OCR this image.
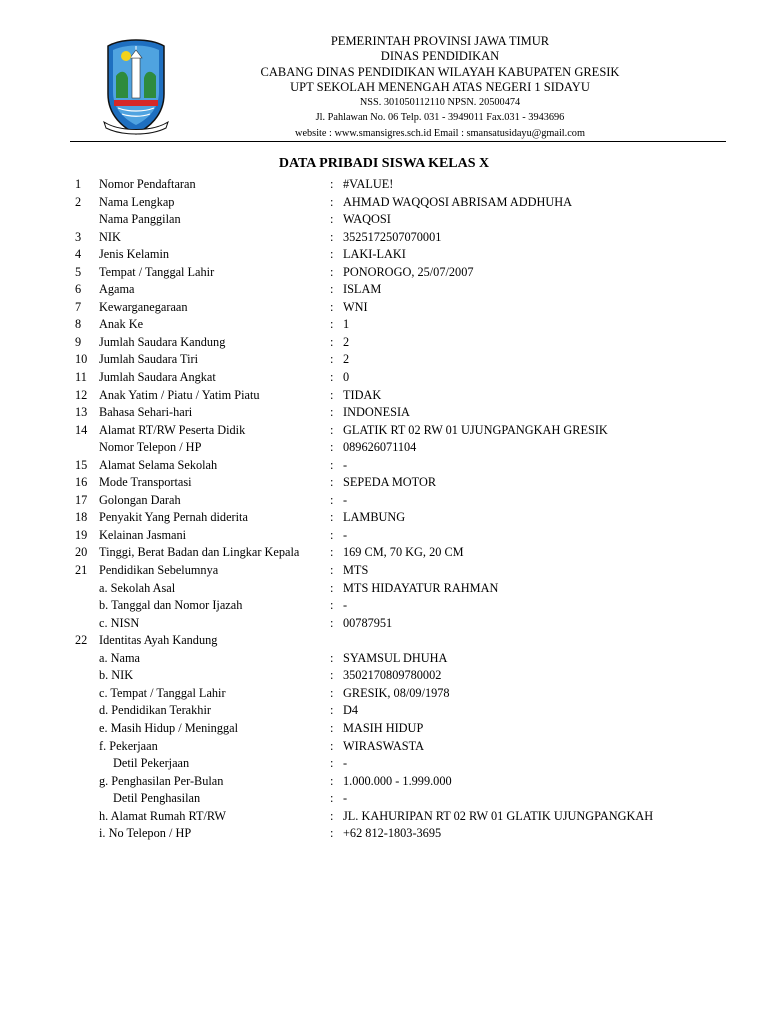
PEMERINTAH PROVINSI JAWA TIMUR
DINAS PENDIDIKAN
CABANG DINAS PENDIDIKAN WILAYAH KABUPATEN GRESIK
UPT SEKOLAH MENENGAH ATAS NEGERI 1 SIDAYU
NSS. 301050112110 NPSN. 20500474
Jl. Pahlawan No. 06 Telp. 031 - 3949011 Fax.031 - 3943696
website : www.smansigres.sch.id Email : smansatusidayu@gmail.com
DATA PRIBADI SISWA KELAS X
1 Nomor Pendaftaran	: #VALUE!
2 Nama Lengkap	: AHMAD WAQQOSI ABRISAM ADDHUHA
Nama Panggilan	: WAQOSI
3 NIK	: 3525172507070001
4 Jenis Kelamin	: LAKI-LAKI
5 Tempat / Tanggal Lahir	: PONOROGO, 25/07/2007
6 Agama	: ISLAM
7 Kewarganegaraan	: WNI
8 Anak Ke	: 1
9 Jumlah Saudara Kandung	: 2
10 Jumlah Saudara Tiri	: 2
11 Jumlah Saudara Angkat	: 0
12 Anak Yatim / Piatu / Yatim Piatu	: TIDAK
13 Bahasa Sehari-hari	: INDONESIA
14 Alamat RT/RW Peserta Didik	: GLATIK RT 02 RW 01 UJUNGPANGKAH GRESIK
Nomor Telepon / HP	: 089626071104
15 Alamat Selama Sekolah	: -
16 Mode Transportasi	: SEPEDA MOTOR
17 Golongan Darah	: -
18 Penyakit Yang Pernah diderita	: LAMBUNG
19 Kelainan Jasmani	: -
20 Tinggi, Berat Badan dan Lingkar Kepala : 169 CM, 70 KG, 20 CM
21 Pendidikan Sebelumnya	: MTS
a. Sekolah Asal	: MTS HIDAYATUR RAHMAN
b. Tanggal dan Nomor Ijazah	: -
c. NISN	: 00787951
22 Identitas Ayah Kandung
a. Nama	: SYAMSUL DHUHA
b. NIK	: 3502170809780002
c. Tempat / Tanggal Lahir	: GRESIK, 08/09/1978
d. Pendidikan Terakhir	: D4
e. Masih Hidup / Meninggal	: MASIH HIDUP
f. Pekerjaan	: WIRASWASTA
Detil Pekerjaan	: -
g. Penghasilan Per-Bulan	: 1.000.000 - 1.999.000
Detil Penghasilan	: -
h. Alamat Rumah RT/RW	: JL. KAHURIPAN RT 02 RW 01 GLATIK UJUNGPANGKAH
i. No Telepon / HP	: +62 812-1803-3695
